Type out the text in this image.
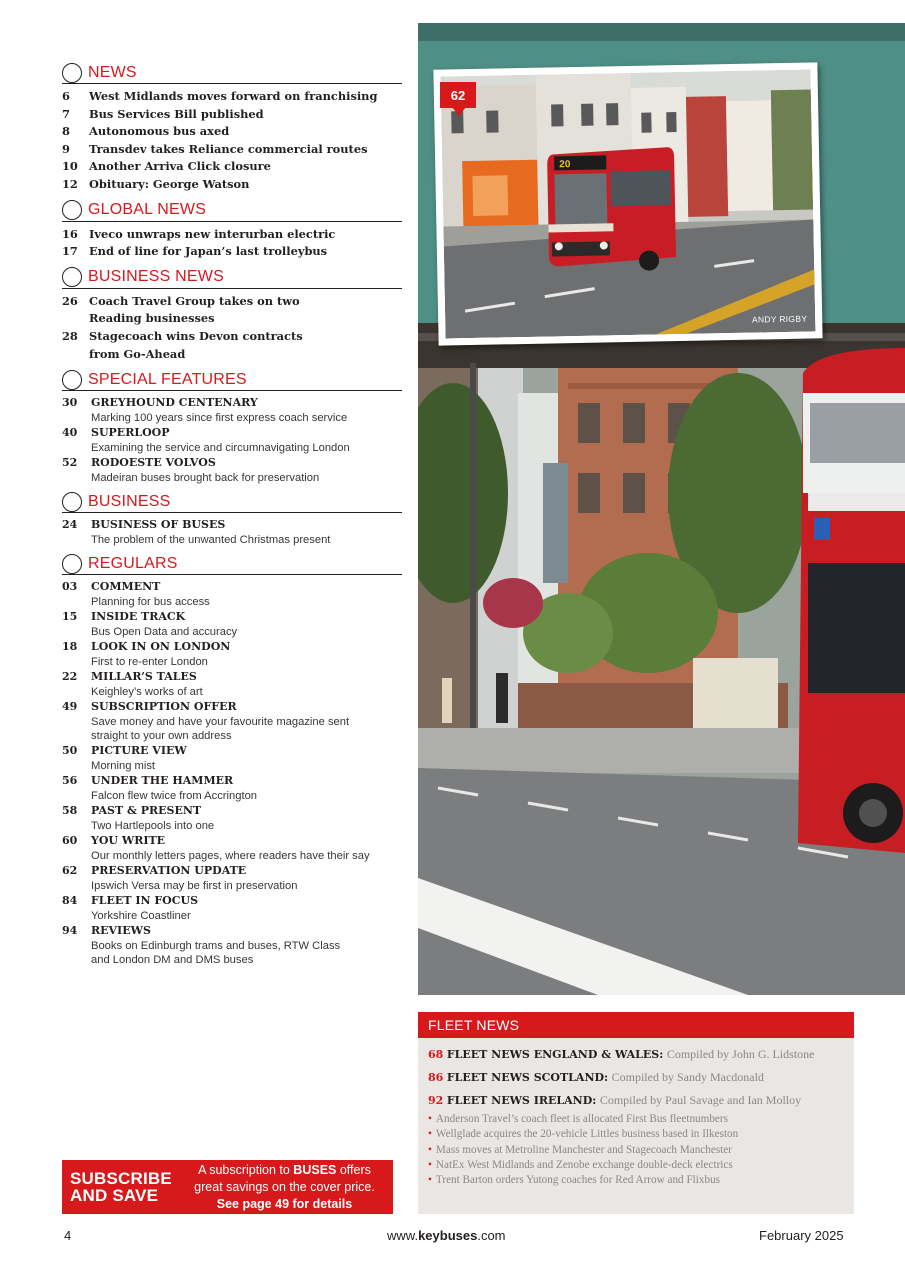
NEWS
6	West Midlands moves forward on franchising
7	Bus Services Bill published
8	Autonomous bus axed
9	Transdev takes Reliance commercial routes
10 Another Arriva Click closure
12 Obituary: George Watson
GLOBAL NEWS
16 Iveco unwraps new interurban electric
17 End of line for Japan’s last trolleybus
BUSINESS NEWS
26 Coach Travel Group takes on two
Reading businesses
28 Stagecoach wins Devon contracts
from Go-Ahead
SPECIAL FEATURES
30	GREYHOUND CENTENARY
Marking 100 years since first express coach service
40	SUPERLOOP
Examining the service and circumnavigating London
52	RODOESTE VOLVOS
Madeiran buses brought back for preservation
BUSINESS
24	BUSINESS OF BUSES
The problem of the unwanted Christmas present
REGULARS
03	COMMENT
Planning for bus access
15	INSIDE TRACK
Bus Open Data and accuracy
18	LOOK IN ON LONDON
First to re-enter London
22	MILLAR’S TALES
Keighley’s works of art
49	SUBSCRIPTION OFFER
Save money and have your favourite magazine sent
straight to your own address
50	PICTURE VIEW
Morning mist
56	UNDER THE HAMMER
Falcon flew twice from Accrington
58	PAST & PRESENT
Two Hartlepools into one
60	YOU WRITE
Our monthly letters pages, where readers have their say
62	PRESERVATION UPDATE
Ipswich Versa may be first in preservation
84	FLEET IN FOCUS
Yorkshire Coastliner
94	REVIEWS
Books on Edinburgh trams and buses, RTW Class
and London DM and DMS buses
SUBSCRIBE
AND SAVE
A subscription to BUSES offers
great savings on the cover price.
See page 49 for details
20
ANDY RIGBY
62
FLEET NEWS
68 FLEET NEWS ENGLAND & WALES: Compiled by John G. Lidstone
86 FLEET NEWS SCOTLAND: Compiled by Sandy Macdonald
92 FLEET NEWS IRELAND: Compiled by Paul Savage and Ian Molloy
• Anderson Travel’s coach fleet is allocated First Bus fleetnumbers
• Wellglade acquires the 20-vehicle Littles business based in Ilkeston
• Mass moves at Metroline Manchester and Stagecoach Manchester
• NatEx West Midlands and Zenobe exchange double-deck electrics
• Trent Barton orders Yutong coaches for Red Arrow and Flixbus
4	www.keybuses.com	February 2025
